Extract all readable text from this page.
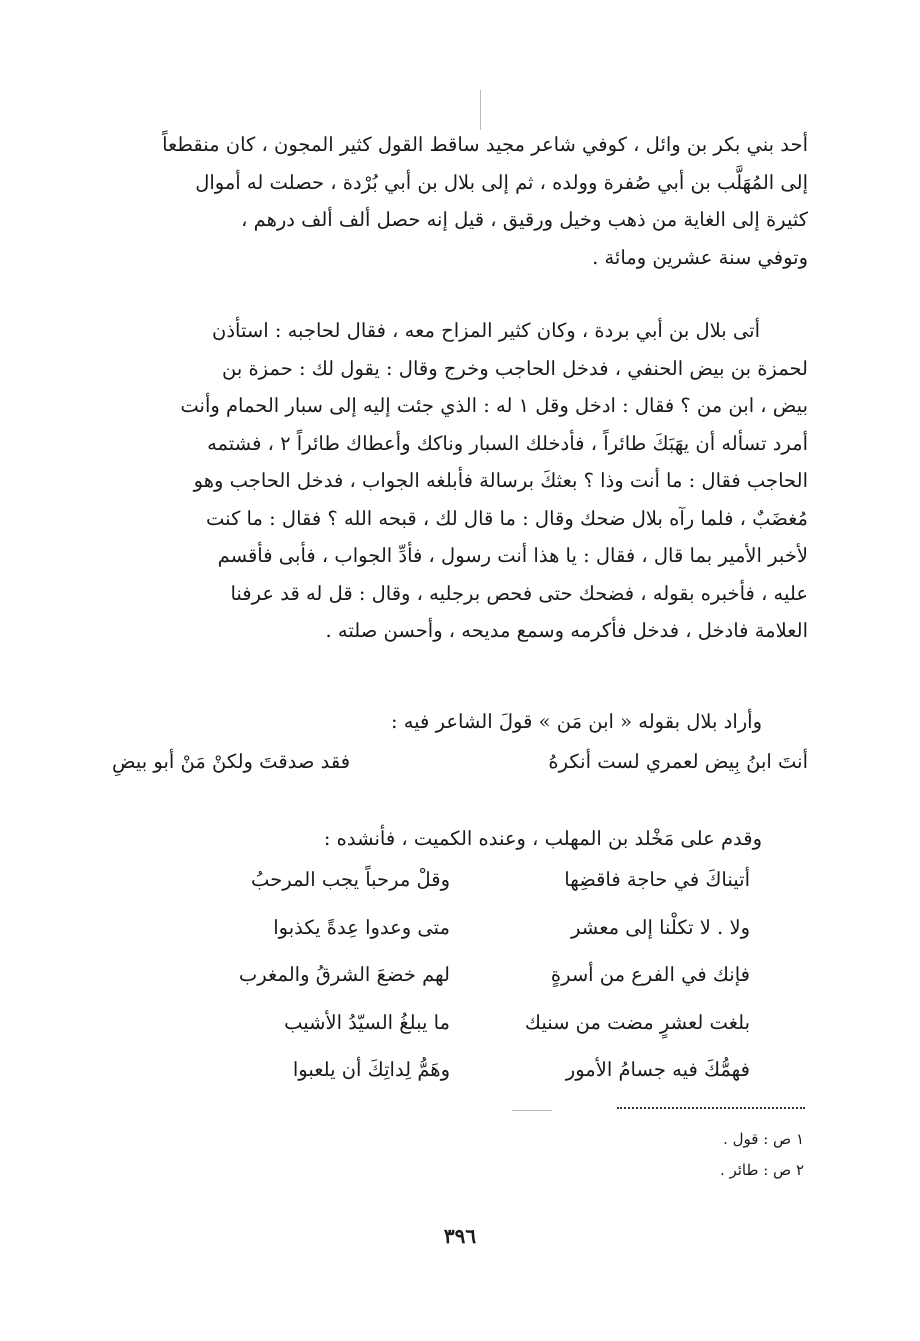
أحد بني بكر بن وائل ، كوفي شاعر مجيد ساقط القول كثير المجون ، كان منقطعاً
إلى المُهَلَّب بن أبي صُفرة وولده ، ثم إلى بلال بن أبي بُرْدة ، حصلت له أموال
كثيرة إلى الغاية من ذهب وخيل ورقيق ، قيل إنه حصل ألف ألف درهم ،
وتوفي سنة عشرين ومائة .
أتى بلال بن أبي بردة ، وكان كثير المزاح معه ، فقال لحاجبه : استأذن
لحمزة بن بيض الحنفي ، فدخل الحاجب وخرج وقال : يقول لك : حمزة بن
بيض ، ابن من ؟ فقال : ادخل وقل ١ له : الذي جئت إليه إلى سبار الحمام وأنت
أمرد تسأله أن يهَبَكَ طائراً ، فأدخلك السبار وناكك وأعطاك طائراً ٢ ، فشتمه
الحاجب فقال : ما أنت وذا ؟ بعثكَ برسالة فأبلغه الجواب ، فدخل الحاجب وهو
مُغضَبٌ ، فلما رآه بلال ضحك وقال : ما قال لك ، قبحه الله ؟ فقال : ما كنت
لأخبر الأمير بما قال ، فقال : يا هذا أنت رسول ، فأدِّ الجواب ، فأبى فأقسم
عليه ، فأخبره بقوله ، فضحك حتى فحص برجليه ، وقال : قل له قد عرفنا
العلامة فادخل ، فدخل فأكرمه وسمع مديحه ، وأحسن صلته .
وأراد بلال بقوله « ابن مَن » قولَ الشاعر فيه :
أنتَ ابنُ بِيض لعمري لست أنكرهُ
فقد صدقتَ ولكنْ مَنْ أبو بيضِ
وقدم على مَخْلد بن المهلب ، وعنده الكميت ، فأنشده :
أتيناكَ في حاجة فاقضِها
وقلْ مرحباً يجب المرحبُ
ولا . لا تكلْنا إلى معشر
متى وعدوا عِدةً يكذبوا
فإنك في الفرع من أسرةٍ
لهم خضعَ الشرقُ والمغرب
بلغت لعشرٍ مضت من سنيك
ما يبلغُ السيّدُ الأشيب
فهمُّكَ فيه جسامُ الأمور
وهَمُّ لِداتِكَ أن يلعبوا
١ ص : قول .
٢ ص : طائر .
٣٩٦
